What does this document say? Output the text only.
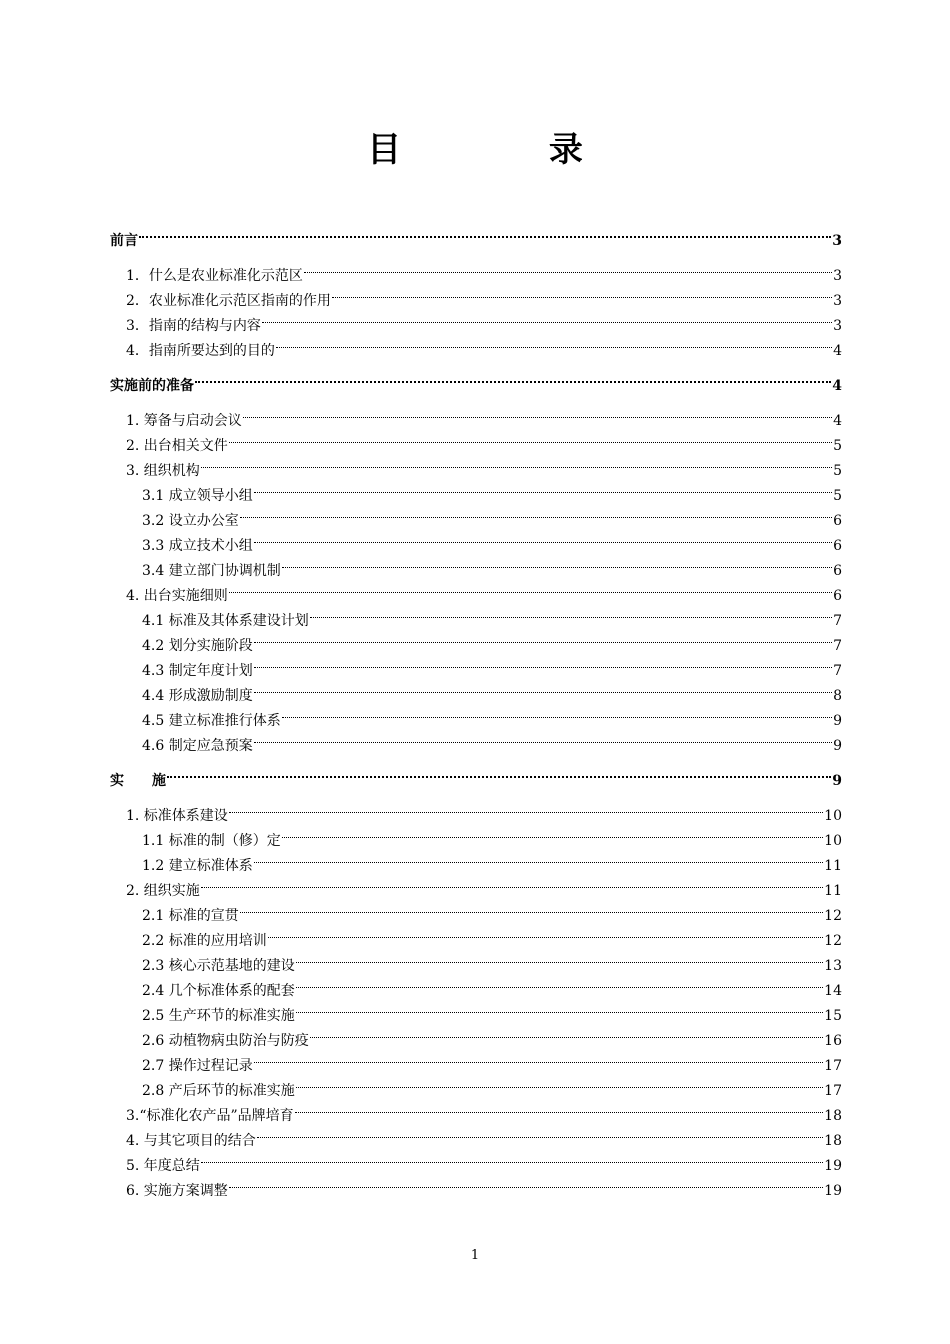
目 录
前言	3
1．什么是农业标准化示范区	3
2．农业标准化示范区指南的作用	3
3．指南的结构与内容	3
4．指南所要达到的目的	4
实施前的准备	4
1. 筹备与启动会议	4
2. 出台相关文件	5
3. 组织机构	5
3.1 成立领导小组	5
3.2 设立办公室	6
3.3 成立技术小组	6
3.4 建立部门协调机制	6
4. 出台实施细则	6
4.1 标准及其体系建设计划	7
4.2 划分实施阶段	7
4.3 制定年度计划	7
4.4 形成激励制度	8
4.5 建立标准推行体系	9
4.6 制定应急预案	9
实　　施	9
1. 标准体系建设	10
1.1 标准的制（修）定	10
1.2 建立标准体系	11
2. 组织实施	11
2.1 标准的宣贯	12
2.2 标准的应用培训	12
2.3 核心示范基地的建设	13
2.4 几个标准体系的配套	14
2.5 生产环节的标准实施	15
2.6 动植物病虫防治与防疫	16
2.7 操作过程记录	17
2.8 产后环节的标准实施	17
3.“标准化农产品”品牌培育	18
4. 与其它项目的结合	18
5. 年度总结	19
6. 实施方案调整	19
1
